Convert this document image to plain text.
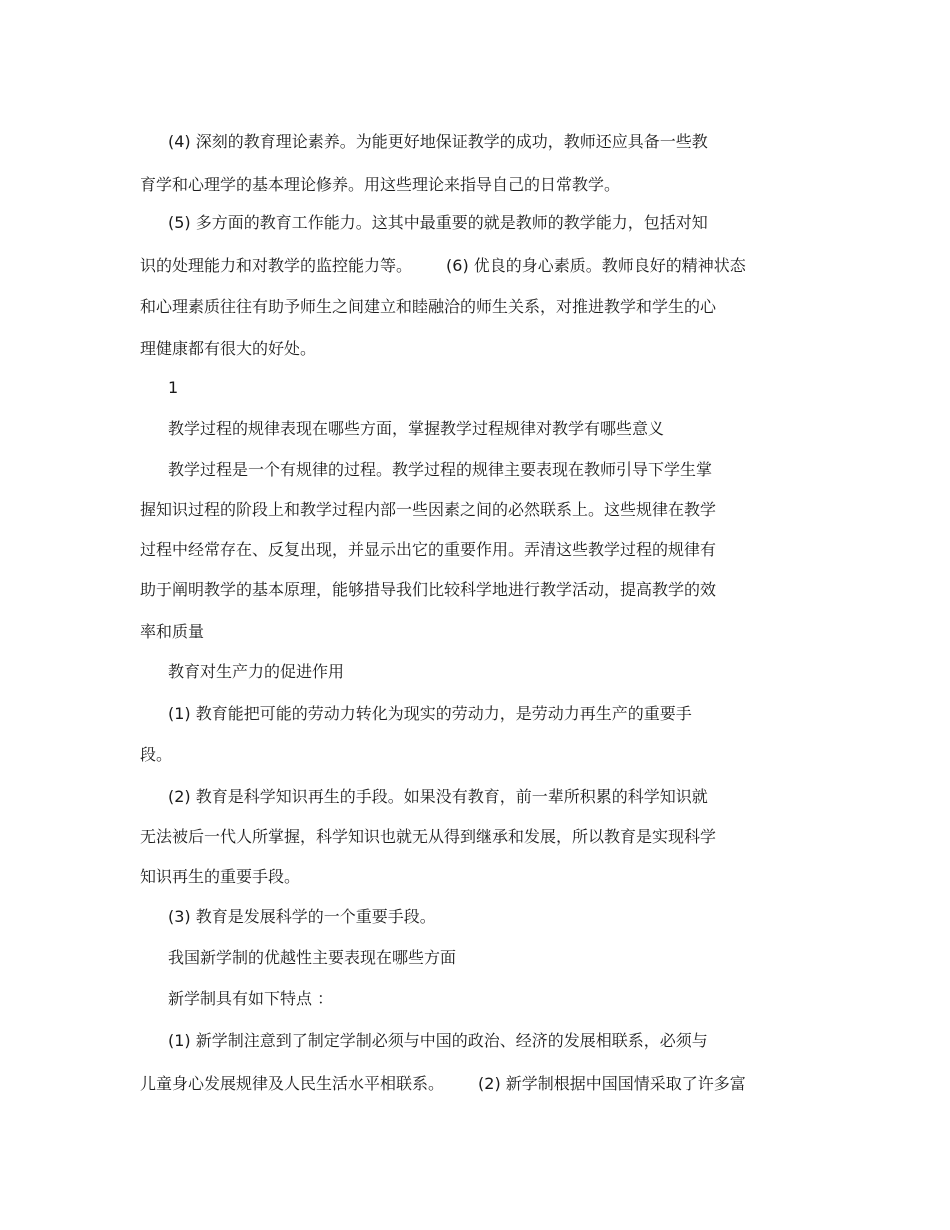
(4) 深刻的教育理论素养。为能更好地保证教学的成功，教师还应具备一些教
育学和心理学的基本理论修养。用这些理论来指导自己的日常教学。
(5) 多方面的教育工作能力。这其中最重要的就是教师的教学能力，包括对知
识的处理能力和对教学的监控能力等。 (6) 优良的身心素质。教师良好的精神状态
和心理素质往往有助予师生之间建立和睦融洽的师生关系，对推进教学和学生的心
理健康都有很大的好处。
1
教学过程的规律表现在哪些方面，掌握教学过程规律对教学有哪些意义
教学过程是一个有规律的过程。教学过程的规律主要表现在教师引导下学生掌
握知识过程的阶段上和教学过程内部一些因素之间的必然联系上。这些规律在教学
过程中经常存在、反复出现，并显示出它的重要作用。弄清这些教学过程的规律有
助于阐明教学的基本原理，能够措导我们比较科学地进行教学活动，提高教学的效
率和质量
教育对生产力的促进作用
(1) 教育能把可能的劳动力转化为现实的劳动力，是劳动力再生产的重要手
段。
(2) 教育是科学知识再生的手段。如果没有教育，前一辈所积累的科学知识就
无法被后一代人所掌握，科学知识也就无从得到继承和发展，所以教育是实现科学
知识再生的重要手段。
(3) 教育是发展科学的一个重要手段。
我国新学制的优越性主要表现在哪些方面
新学制具有如下特点 ：
(1) 新学制注意到了制定学制必须与中国的政治、经济的发展相联系，必须与
儿童身心发展规律及人民生活水平相联系。 (2) 新学制根据中国国情采取了许多富
